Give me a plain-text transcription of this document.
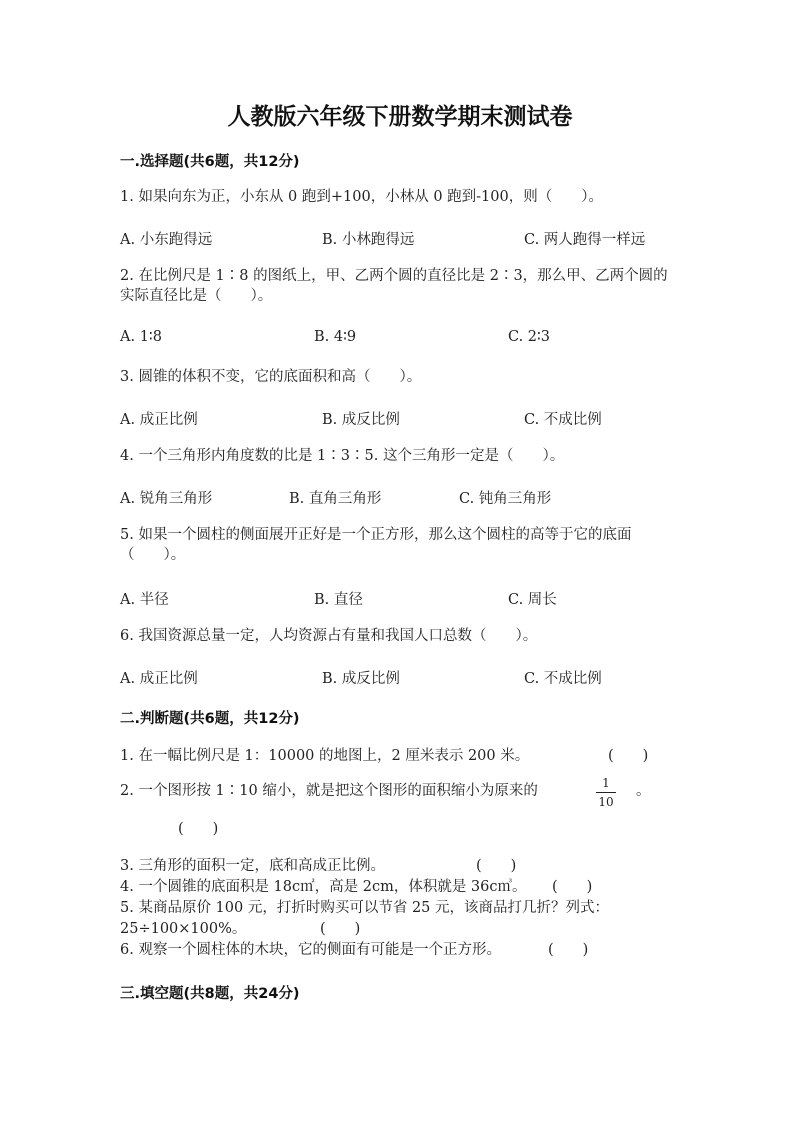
人教版六年级下册数学期末测试卷
一.选择题(共6题，共12分)
1. 如果向东为正，小东从 0 跑到+100，小林从 0 跑到-100，则（　　）。
A. 小东跑得远	B. 小林跑得远	C. 两人跑得一样远
2. 在比例尺是 1∶8 的图纸上，甲、乙两个圆的直径比是 2∶3，那么甲、乙两个圆的实际直径比是（　　）。
A. 1∶8	B. 4∶9	C. 2∶3
3. 圆锥的体积不变，它的底面积和高（　　）。
A. 成正比例	B. 成反比例	C. 不成比例
4. 一个三角形内角度数的比是 1∶3∶5. 这个三角形一定是（　　）。
A. 锐角三角形	B. 直角三角形	C. 钝角三角形
5. 如果一个圆柱的侧面展开正好是一个正方形，那么这个圆柱的高等于它的底面（　　）。
A. 半径	B. 直径	C. 周长
6. 我国资源总量一定，人均资源占有量和我国人口总数（　　）。
A. 成正比例	B. 成反比例	C. 不成比例
二.判断题(共6题，共12分)
1. 在一幅比例尺是 1：10000 的地图上，2 厘米表示 200 米。	(　　)
2. 一个图形按 1∶10 缩小，就是把这个图形的面积缩小为原来的	1
10
。
(　　)
3. 三角形的面积一定，底和高成正比例。	(　　)
4. 一个圆锥的底面积是 18c㎡，高是 2cm，体积就是 36c㎥。 (　　)
5. 某商品原价 100 元，打折时购买可以节省 25 元，该商品打几折？列式：
25÷100×100%。	(　　)
6. 观察一个圆柱体的木块，它的侧面有可能是一个正方形。	(　　)
三.填空题(共8题，共24分)
